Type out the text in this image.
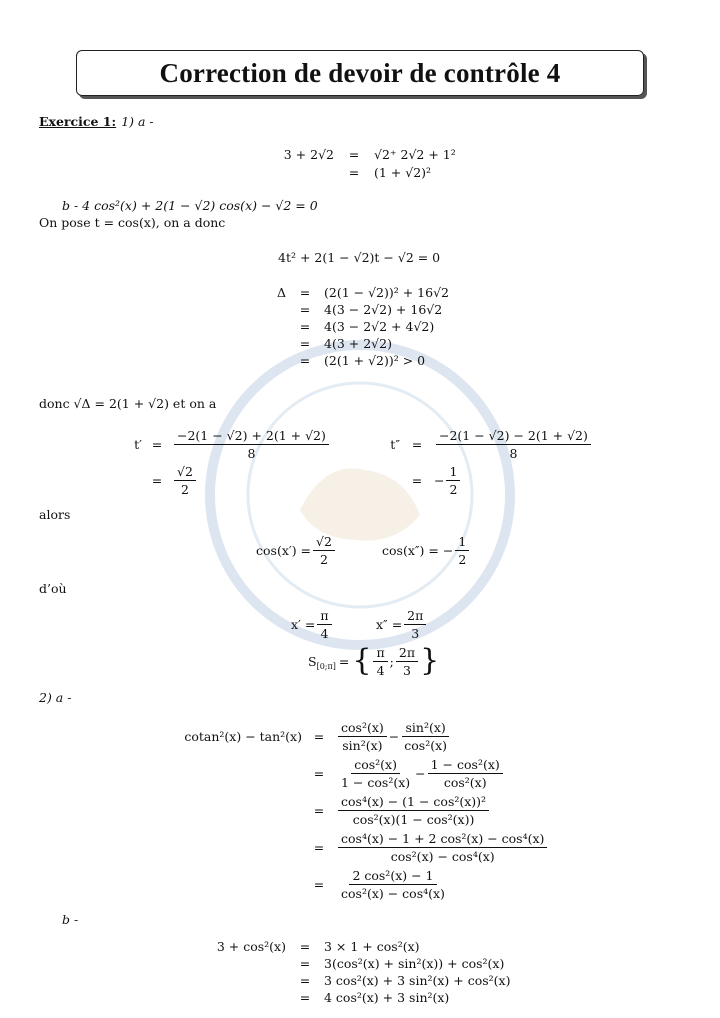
Correction de devoir de contrôle 4
Exercice 1: 1) a -
3 + 2√2	=	√2⁺ 2√2 + 1²
=	(1 + √2)²
b - 4 cos²(x) + 2(1 − √2) cos(x) − √2 = 0
On pose t = cos(x), on a donc
4t² + 2(1 − √2)t − √2 = 0
Δ	=	(2(1 − √2))² + 16√2
=	4(3 − 2√2) + 16√2
=	4(3 − 2√2 + 4√2)
=	4(3 + 2√2)
=	(2(1 + √2))² > 0
donc √Δ = 2(1 + √2) et on a
$t' = \frac{-2(1 - √2) + 2(1 + √2)}{8}$
= $\frac{√2}{2}$
t″ =	$\frac{-2(1 - √2) - 2(1 + √2)}{8}$
= − $\frac{1}{2}$
alors
$\cos(x') = \frac{√2}{2}$	cos(x″) = − $\frac{1}{2}$
d’où
$x' = \frac{\pi}{4}$	$x'' = \frac{2\pi}{3}$
$S_{[0;\pi]}$ = { $\frac{\pi}{4}$ ; $\frac{2\pi}{3}$ }
2) a -
cotan²(x) − tan²(x) =	$\frac{\text{cos²(x)}}{\text{sin²(x)}} - \frac{\text{sin²(x)}}{\text{cos²(x)}}$
=	$\frac{\text{cos²(x)}}{\text{1 − cos²(x)}} - \frac{\text{1 − cos²(x)}}{\text{cos²(x)}}$
=	$\frac{\text{cos⁴(x) − (1 − cos²(x))²}}{\text{cos²(x)(1 − cos²(x))}}$
=	$\frac{\text{cos⁴(x) − 1 + 2 cos²(x) − cos⁴(x)}}{\text{cos²(x) − cos⁴(x)}}$
=	$\frac{\text{2 cos²(x) − 1}}{\text{cos²(x) − cos⁴(x)}}$
b -
3 + cos²(x)	=	3 × 1 + cos²(x)
=	3(cos²(x) + sin²(x)) + cos²(x)
=	3 cos²(x) + 3 sin²(x) + cos²(x)
=	4 cos²(x) + 3 sin²(x)
